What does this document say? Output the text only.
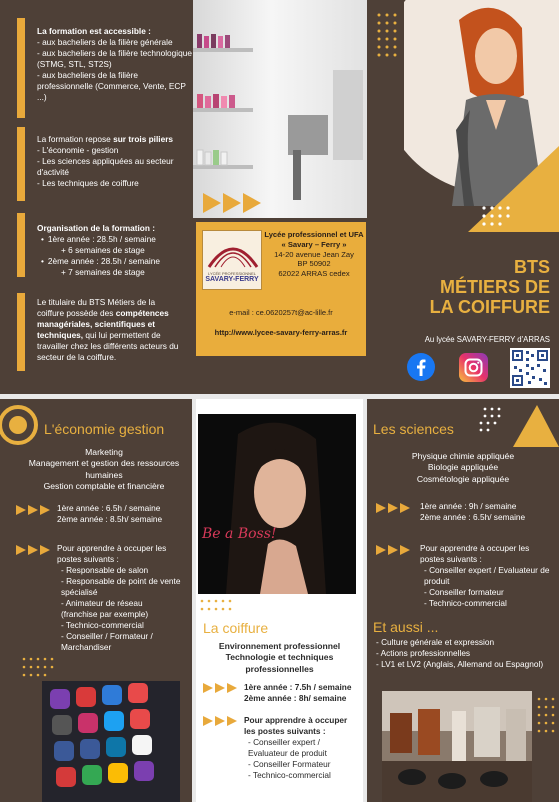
La formation est accessible :
- aux bacheliers de la filière générale
- aux bacheliers de la filière technologique (STMG, STL, ST2S)
- aux bacheliers de la filière professionnelle (Commerce, Vente, ECP ...)
La formation repose sur trois piliers
- L'économie - gestion
- Les sciences appliquées au secteur d'activité
- Les techniques de coiffure
Organisation de la formation :
• 1ère année : 28.5h / semaine
+ 6 semaines de stage
• 2ème année : 28.5h / semaine
+ 7 semaines de stage
Le titulaire du BTS Métiers de la coiffure possède des compétences managériales, scientifiques et techniques, qui lui permettent de travailler chez les différents acteurs du secteur de la coiffure.
LYCÉE PROFESSIONNEL
SAVARY-FERRY
Lycée professionnel et UFA
« Savary – Ferry »
14-20 avenue Jean Zay
BP 50902
62022 ARRAS cedex
e-mail : ce.0620257t@ac-lille.fr
http://www.lycee-savary-ferry-arras.fr
BTS
MÉTIERS DE
LA COIFFURE
Au lycée SAVARY-FERRY d'ARRAS
L'économie gestion
Marketing
Management et gestion des ressources humaines
Gestion comptable et financière
1ère année : 6.5h / semaine
2ème année : 8.5h/ semaine
Pour apprendre à occuper les postes suivants :
- Responsable de salon
- Responsable de point de vente spécialisé
- Animateur de réseau (franchise par exemple)
- Technico-commercial
- Conseiller / Formateur / Marchandiser
Be a Boss!
La coiffure
Environnement professionnel
Technologie et techniques professionnelles
1ère année : 7.5h / semaine
2ème année : 8h/ semaine
Pour apprendre à occuper les postes suivants :
- Conseiller expert / Evaluateur de produit
- Conseiller Formateur
- Technico-commercial
Les sciences
Physique chimie appliquée
Biologie appliquée
Cosmétologie appliquée
1ère année : 9h / semaine
2ème année : 6.5h/ semaine
Pour apprendre à occuper les postes suivants :
- Conseiller expert / Evaluateur de produit
- Conseiller formateur
- Technico-commercial
Et aussi ...
- Culture générale et expression
- Actions professionnelles
- LV1 et LV2 (Anglais, Allemand ou Espagnol)
